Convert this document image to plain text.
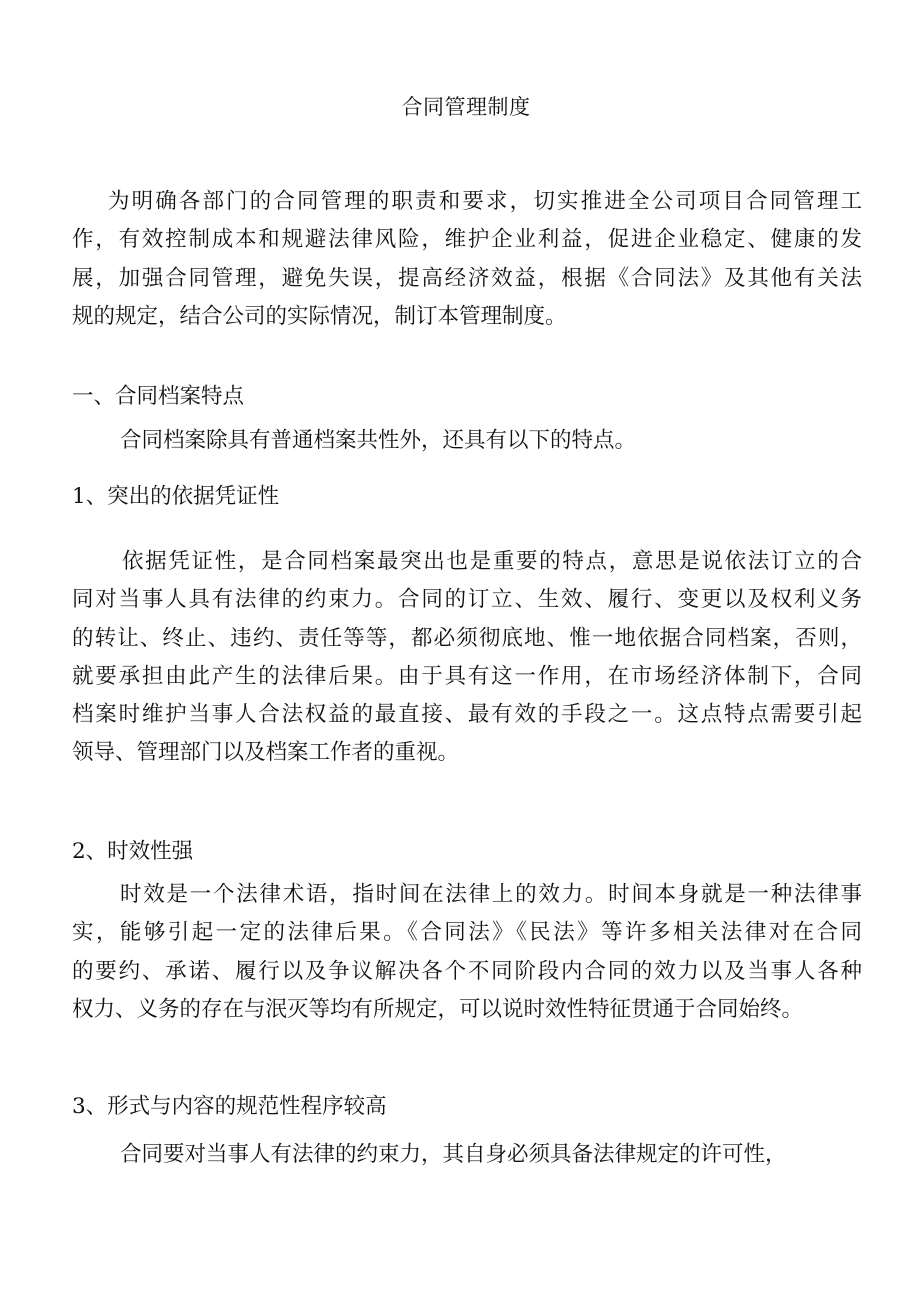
合同管理制度
为明确各部门的合同管理的职责和要求，切实推进全公司项目合同管理工
作，有效控制成本和规避法律风险，维护企业利益，促进企业稳定、健康的发
展，加强合同管理，避免失误，提高经济效益，根据《合同法》及其他有关法
规的规定，结合公司的实际情况，制订本管理制度。
一、合同档案特点
合同档案除具有普通档案共性外，还具有以下的特点。
1、突出的依据凭证性
依据凭证性，是合同档案最突出也是重要的特点，意思是说依法订立的合
同对当事人具有法律的约束力。合同的订立、生效、履行、变更以及权利义务
的转让、终止、违约、责任等等，都必须彻底地、惟一地依据合同档案，否则，
就要承担由此产生的法律后果。由于具有这一作用，在市场经济体制下，合同
档案时维护当事人合法权益的最直接、最有效的手段之一。这点特点需要引起
领导、管理部门以及档案工作者的重视。
2、时效性强
时效是一个法律术语，指时间在法律上的效力。时间本身就是一种法律事
实，能够引起一定的法律后果。《合同法》《民法》等许多相关法律对在合同
的要约、承诺、履行以及争议解决各个不同阶段内合同的效力以及当事人各种
权力、义务的存在与泯灭等均有所规定，可以说时效性特征贯通于合同始终。
3、形式与内容的规范性程序较高
合同要对当事人有法律的约束力，其自身必须具备法律规定的许可性，
